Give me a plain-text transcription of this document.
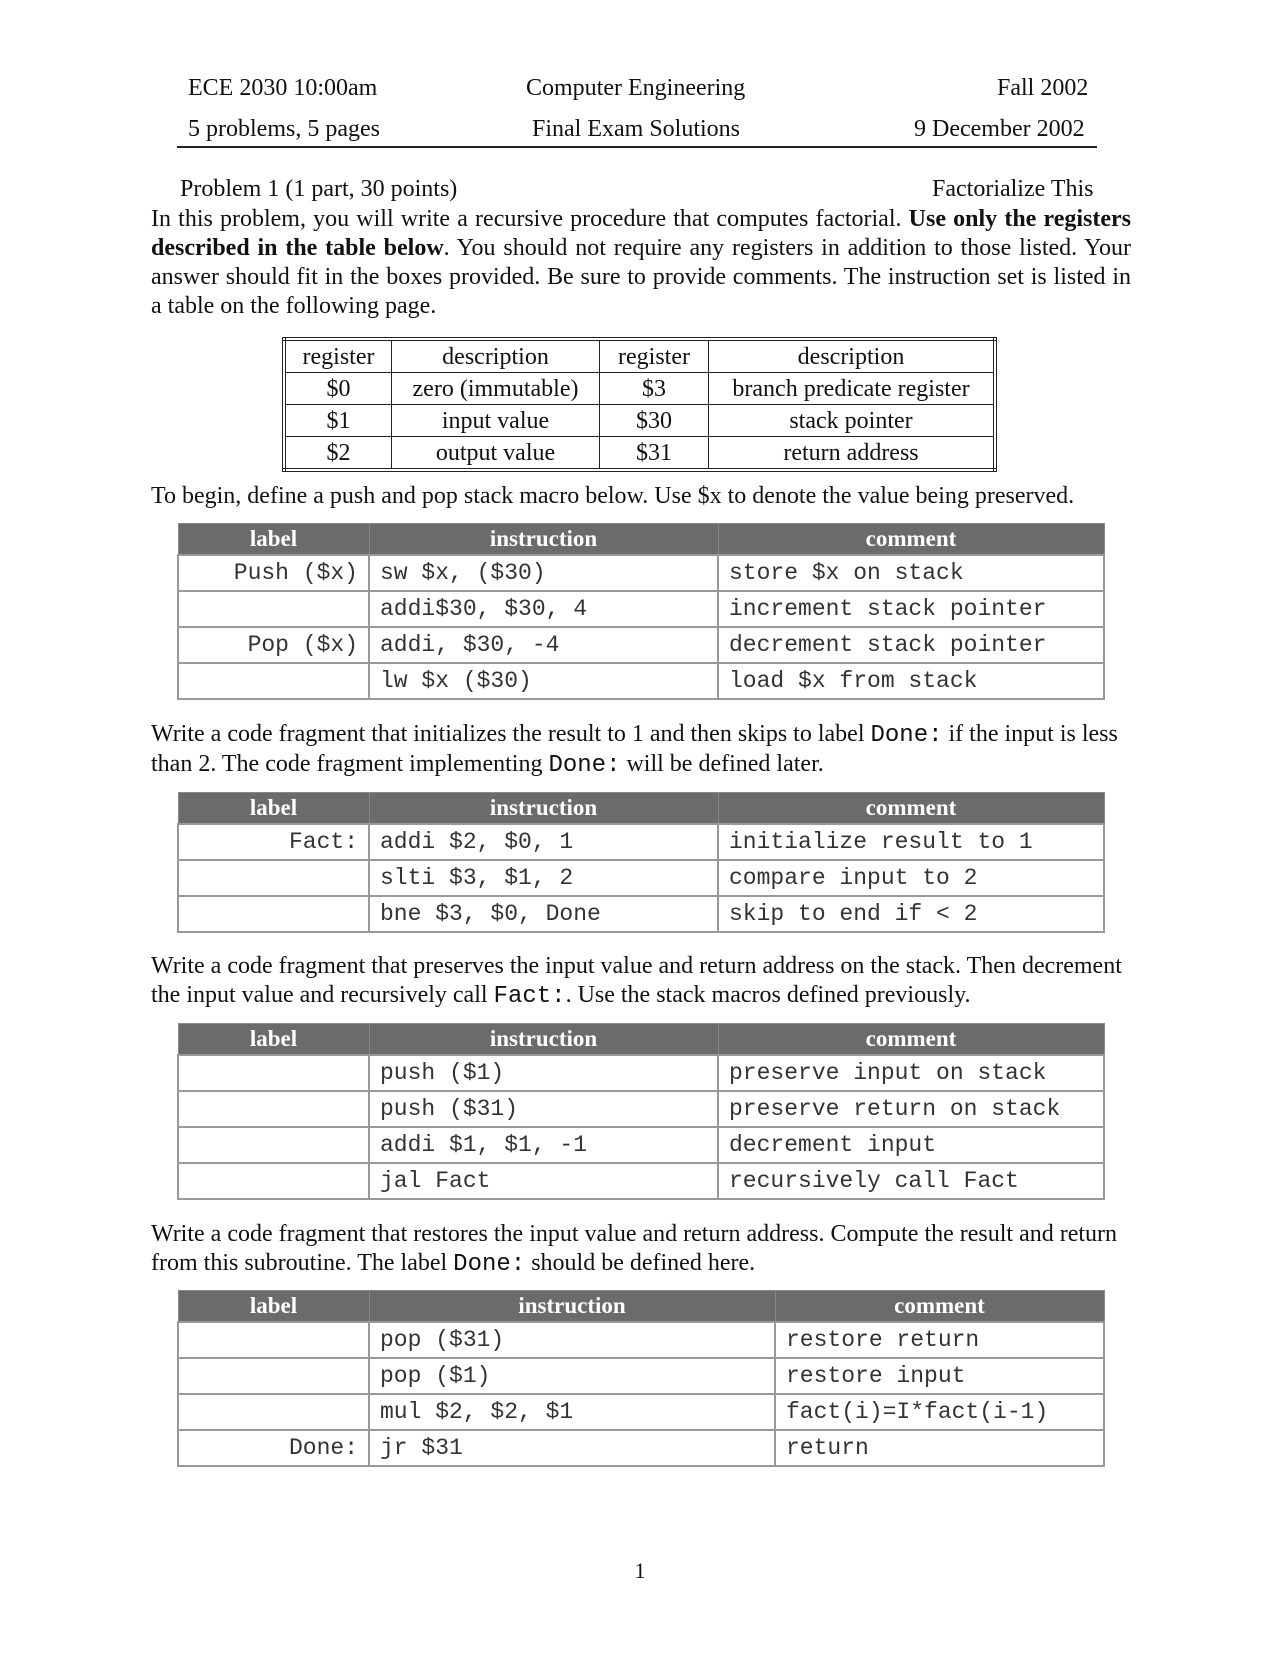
ECE 2030 10:00am	Computer Engineering	Fall 2002
5 problems, 5 pages	Final Exam Solutions	9 December 2002
Problem 1 (1 part, 30 points)	Factorialize This
In this problem, you will write a recursive procedure that computes factorial. Use only the registers described in the table below. You should not require any registers in addition to those listed. Your answer should fit in the boxes provided. Be sure to provide comments. The instruction set is listed in a table on the following page.
register	description	register	description
$0	zero (immutable)	$3	branch predicate register
$1	input value	$30	stack pointer
$2	output value	$31	return address
To begin, define a push and pop stack macro below. Use $x to denote the value being preserved.
label	instruction	comment
Push ($x)	sw $x, ($30)	store $x on stack
	addi$30, $30, 4	increment stack pointer
Pop ($x)	addi, $30, -4	decrement stack pointer
	lw $x ($30)	load $x from stack
Write a code fragment that initializes the result to 1 and then skips to label Done: if the input is less than 2. The code fragment implementing Done: will be defined later.
label	instruction	comment
Fact:	addi $2, $0, 1	initialize result to 1
	slti $3, $1, 2	compare input to 2
	bne $3, $0, Done	skip to end if < 2
Write a code fragment that preserves the input value and return address on the stack. Then decrement the input value and recursively call Fact:. Use the stack macros defined previously.
label	instruction	comment
	push ($1)	preserve input on stack
	push ($31)	preserve return on stack
	addi $1, $1, -1	decrement input
	jal Fact	recursively call Fact
Write a code fragment that restores the input value and return address. Compute the result and return from this subroutine. The label Done: should be defined here.
label	instruction	comment
	pop ($31)	restore return
	pop ($1)	restore input
	mul $2, $2, $1	fact(i)=I*fact(i-1)
Done:	jr $31	return
1
